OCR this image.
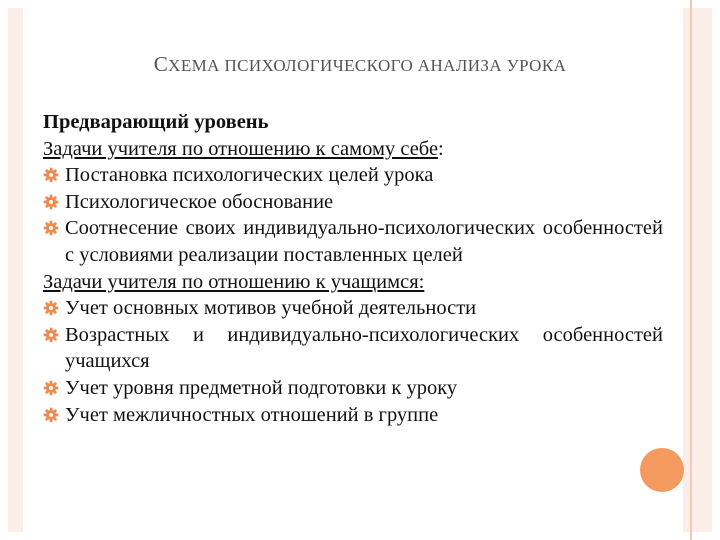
СХЕМА ПСИХОЛОГИЧЕСКОГО АНАЛИЗА УРОКА
Предварающий уровень
Задачи учителя по отношению к самому себе:
Постановка психологических целей урока
Психологическое обоснование
Соотнесение своих индивидуально-психологических особенностей с условиями реализации поставленных целей
Задачи учителя по отношению к учащимся:
Учет основных мотивов учебной деятельности
Возрастных и индивидуально-психологических особенностей учащихся
Учет уровня предметной подготовки к уроку
Учет межличностных отношений в группе
